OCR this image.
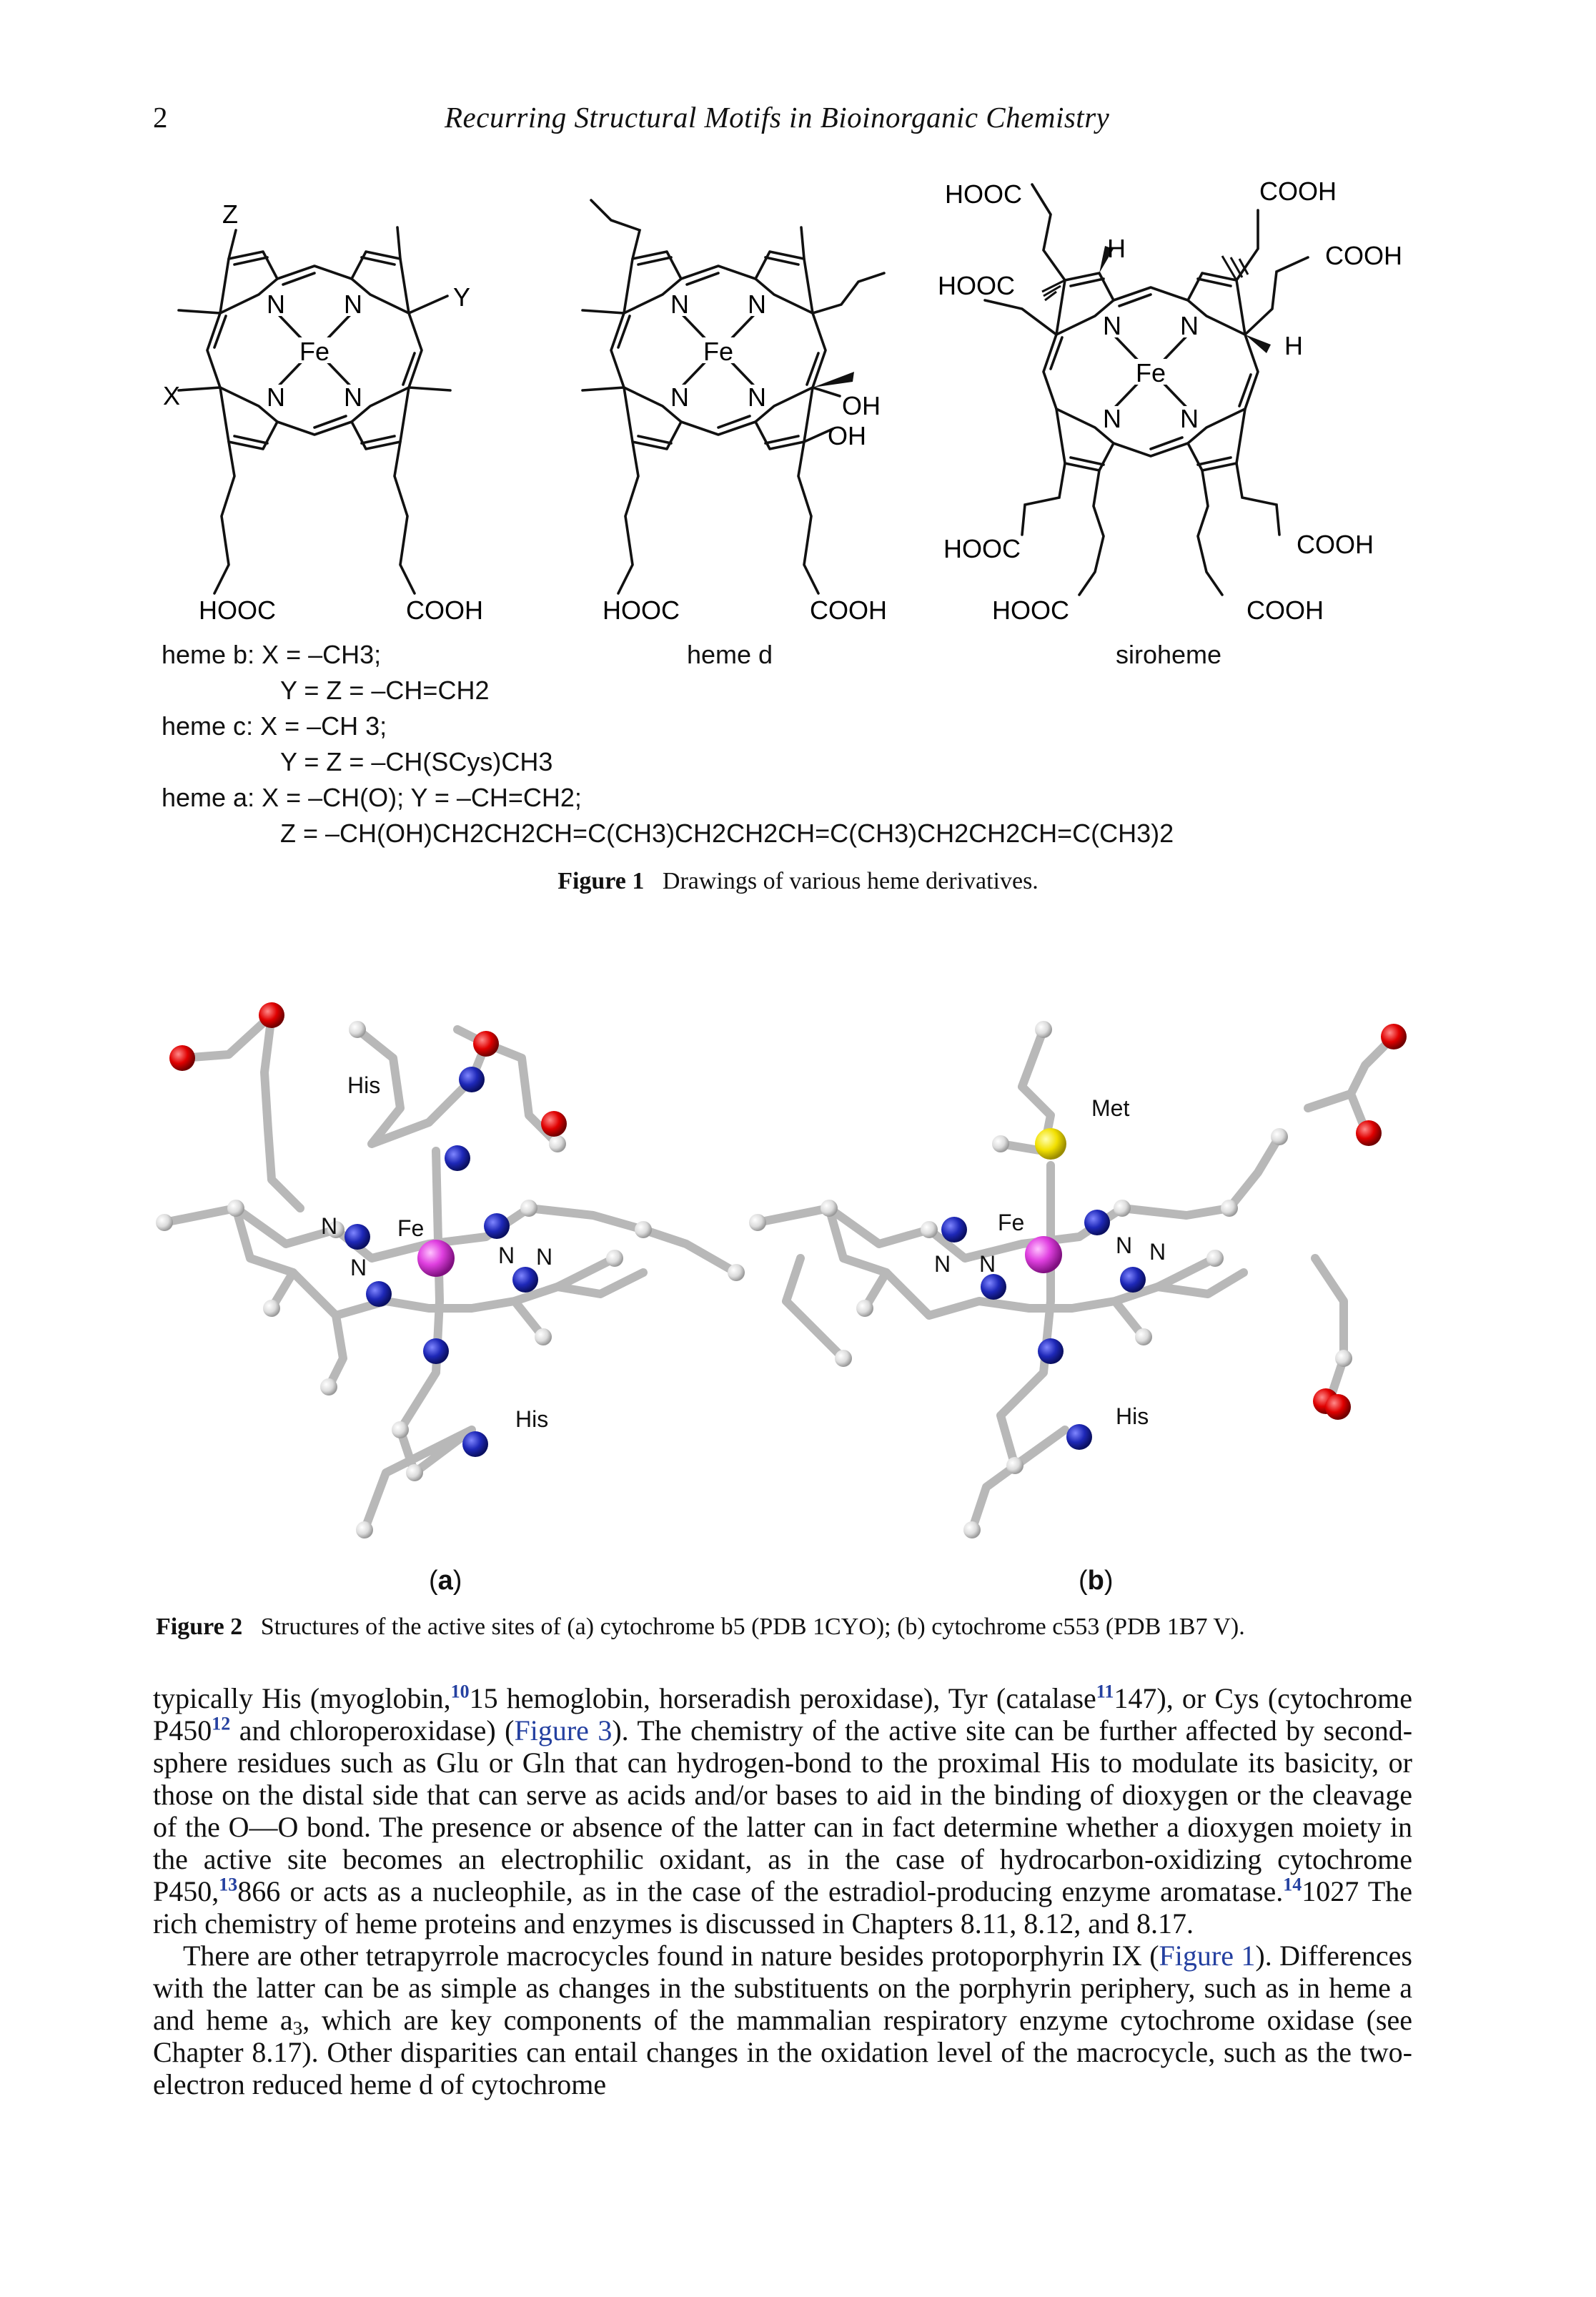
2	Recurring Structural Motifs in Bioinorganic Chemistry
Fe
N N
N N
Z
Y
X
HOOC	COOH
Fe
N N
N N	OH
OH
HOOC	COOH
Fe
N N
N N
H
H
HOOC
HOOC
COOH
COOH
HOOC	COOH
HOOC	COOH
heme b: X = –CH3;	heme d	siroheme
Y = Z = –CH=CH2
heme c: X = –CH 3;
Y = Z = –CH(SCys)CH3
heme a: X = –CH(O); Y = –CH=CH2;
Z = –CH(OH)CH2CH2CH=C(CH3)CH2CH2CH=C(CH3)CH2CH2CH=C(CH3)2
Figure 1 Drawings of various heme derivatives.
His
N	Fe
N	N N
His
Met
Fe
N N
N N
His
(a)	(b)
Figure 2 Structures of the active sites of (a) cytochrome b5 (PDB 1CYO); (b) cytochrome c553 (PDB 1B7 V).

typically His (myoglobin,$^{10}$15 hemoglobin, horseradish peroxidase), Tyr (catalase$^{11}$147), or Cys (cytochrome P450$^{12}$ and chloroperoxidase) (Figure 3). The chemistry of the active site can be further affected by second-sphere residues such as Glu or Gln that can hydrogen-bond to the proximal His to modulate its basicity, or those on the distal side that can serve as acids and/or bases to aid in the binding of dioxygen or the cleavage of the O—O bond. The presence or absence of the latter can in fact determine whether a dioxygen moiety in the active site becomes an electrophilic oxidant, as in the case of hydrocarbon-oxidizing cytochrome P450,13866 or acts as a nucleophile, as in the case of the estradiol-producing enzyme aromatase.$^{14}$1027 The rich chemistry of heme proteins and enzymes is discussed in Chapters 8.11, 8.12, and 8.17.

There are other tetrapyrrole macrocycles found in nature besides protoporphyrin IX (Figure 1). Differences with the latter can be as simple as changes in the substituents on the porphyrin periphery, such as in heme a and heme $a_3$, which are key components of the mammalian respiratory enzyme cytochrome oxidase (see Chapter 8.17). Other disparities can entail changes in the oxidation level of the macrocycle, such as the two-electron reduced heme d of cytochrome
